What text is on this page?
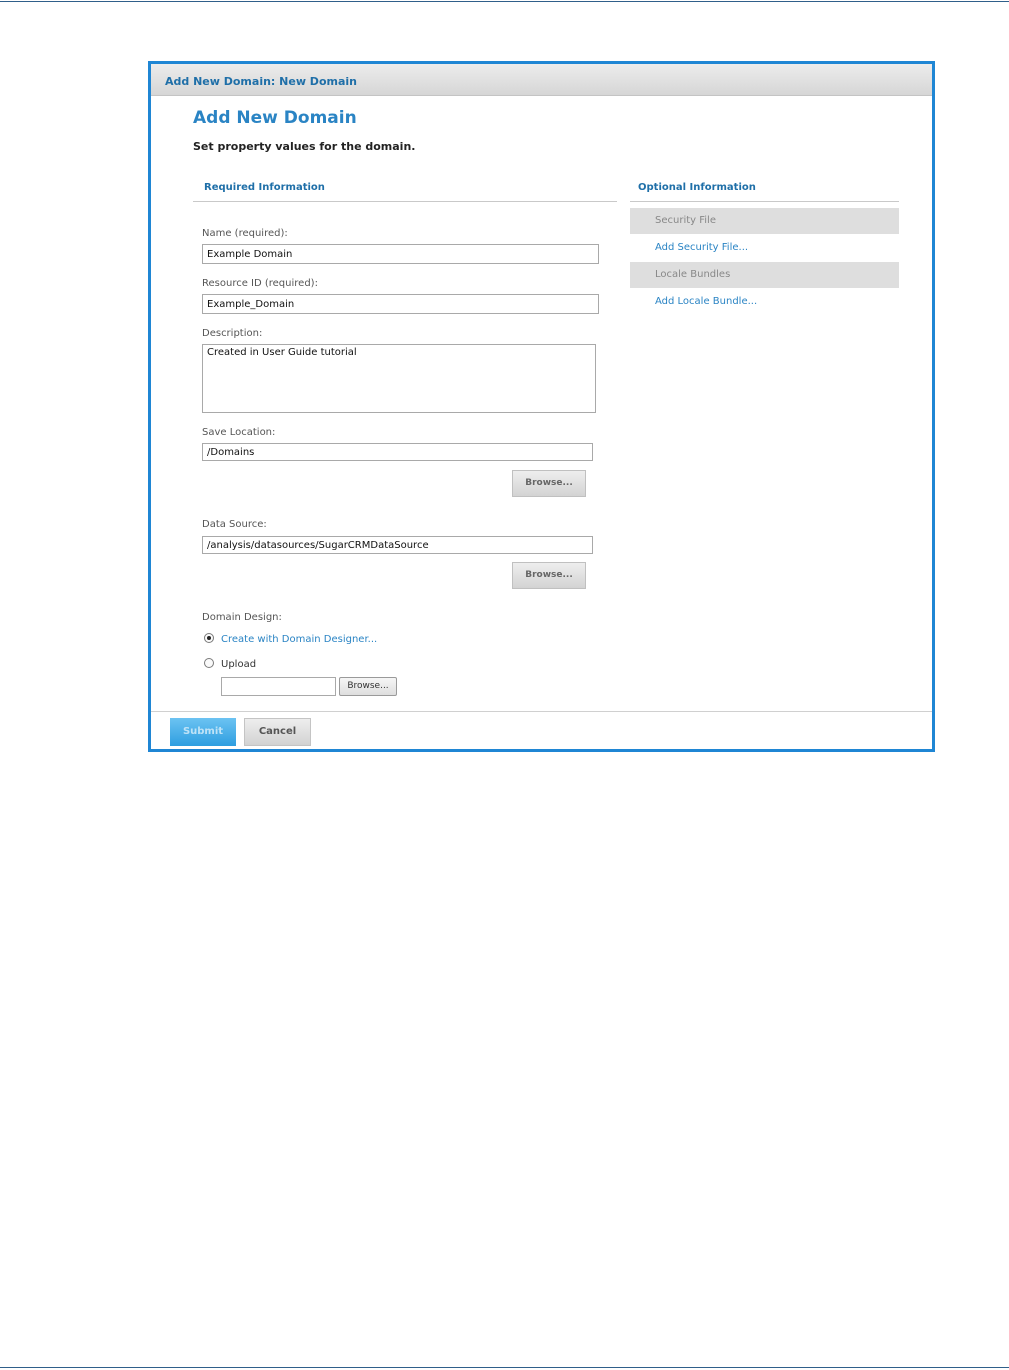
Add New Domain: New Domain
Add New Domain
Set property values for the domain.
Required Information
Name (required):
Example Domain
Resource ID (required):
Example_Domain
Description:
Created in User Guide tutorial
Save Location:
/Domains
Browse...
Data Source:
/analysis/datasources/SugarCRMDataSource
Browse...
Domain Design:
Create with Domain Designer...
Upload
Browse...
Optional Information
Security File
Add Security File...
Locale Bundles
Add Locale Bundle...
Submit	Cancel
